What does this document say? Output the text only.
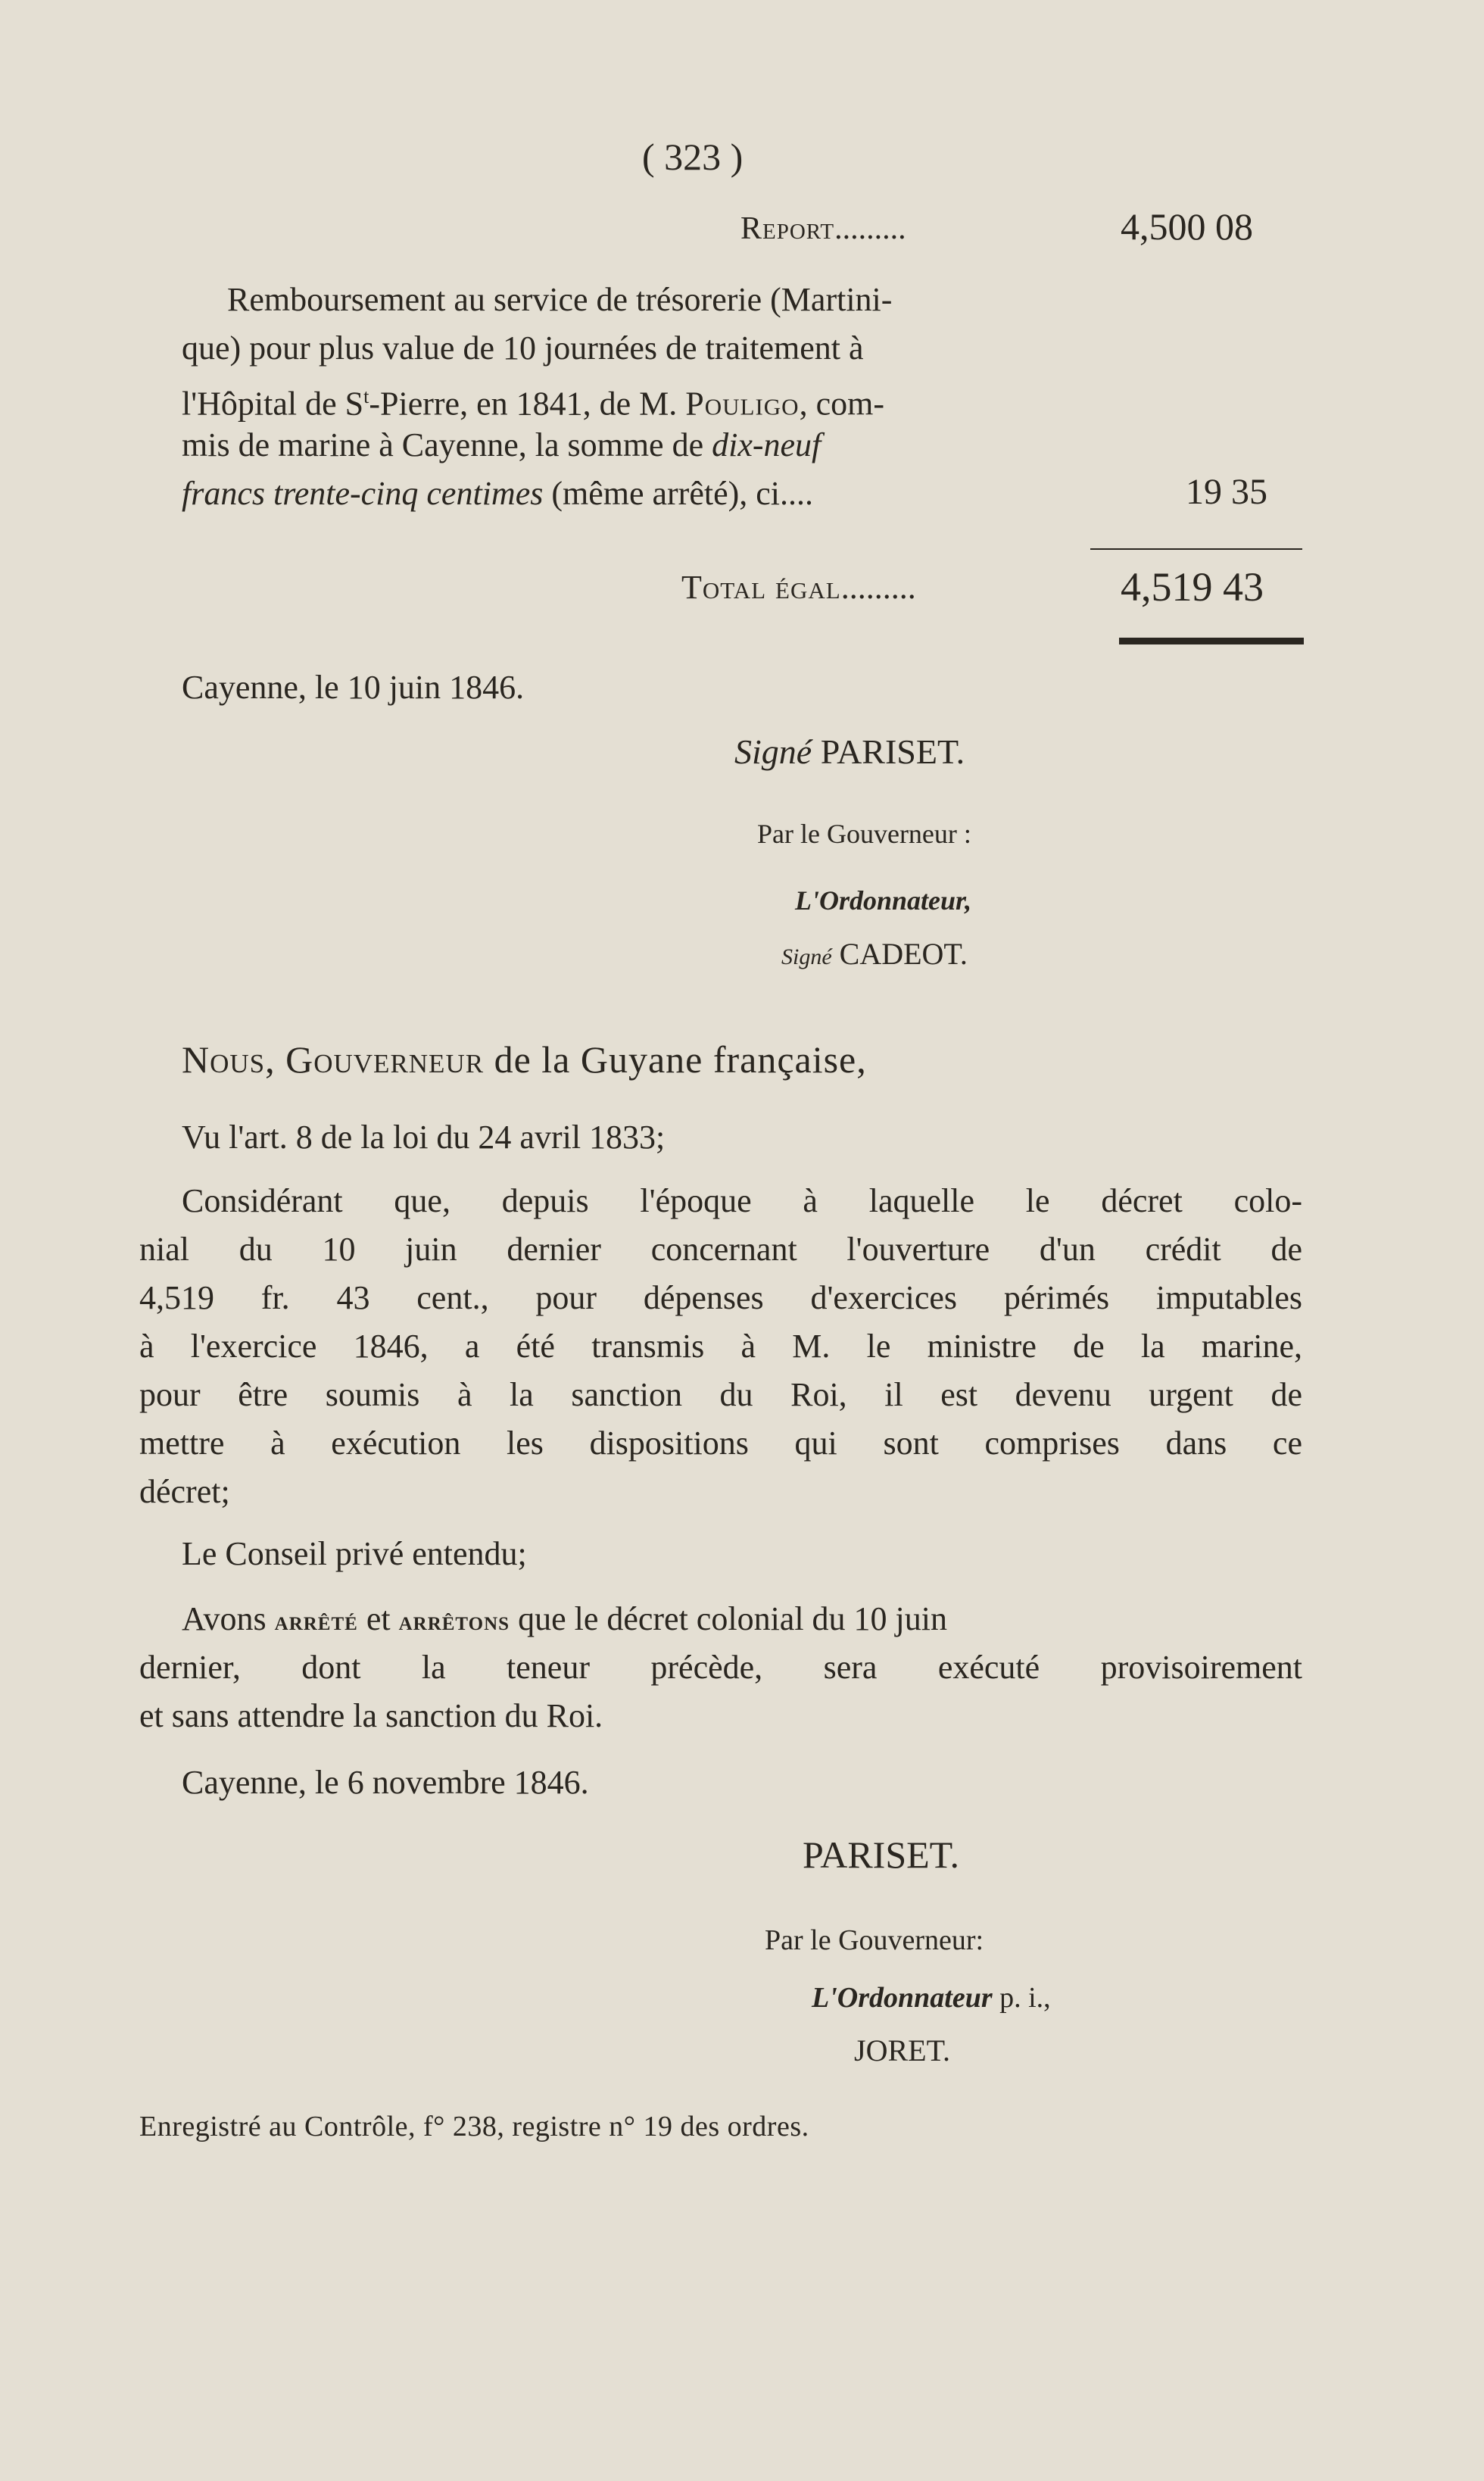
( 323 )
Report.........	4,500 08
Remboursement au service de trésorerie (Martini-
que) pour plus value de 10 journées de traitement à
l'Hôpital de $S^t$-Pierre, en 1841, de M. Pouligo, com-
mis de marine à Cayenne, la somme de dix-neuf
francs trente-cinq centimes (même arrêté), ci....	19 35
Total égal.........	4,519 43
Cayenne, le 10 juin 1846.
Signé PARISET.
Par le Gouverneur :
L'Ordonnateur,
Signé CADEOT.
Nous, Gouverneur de la Guyane française,
Vu l'art. 8 de la loi du 24 avril 1833;
Considérant que, depuis l'époque à laquelle le décret colo-
nial du 10 juin dernier concernant l'ouverture d'un crédit de
4,519 fr. 43 cent., pour dépenses d'exercices périmés imputables
à l'exercice 1846, a été transmis à M. le ministre de la marine,
pour être soumis à la sanction du Roi, il est devenu urgent de
mettre à exécution les dispositions qui sont comprises dans ce
décret;
Le Conseil privé entendu;
Avons arrêté et arrêtons que le décret colonial du 10 juin
dernier, dont la teneur précède, sera exécuté provisoirement
et sans attendre la sanction du Roi.
Cayenne, le 6 novembre 1846.
PARISET.
Par le Gouverneur:
L'Ordonnateur p. i.,
JORET.
Enregistré au Contrôle, f° 238, registre n° 19 des ordres.
